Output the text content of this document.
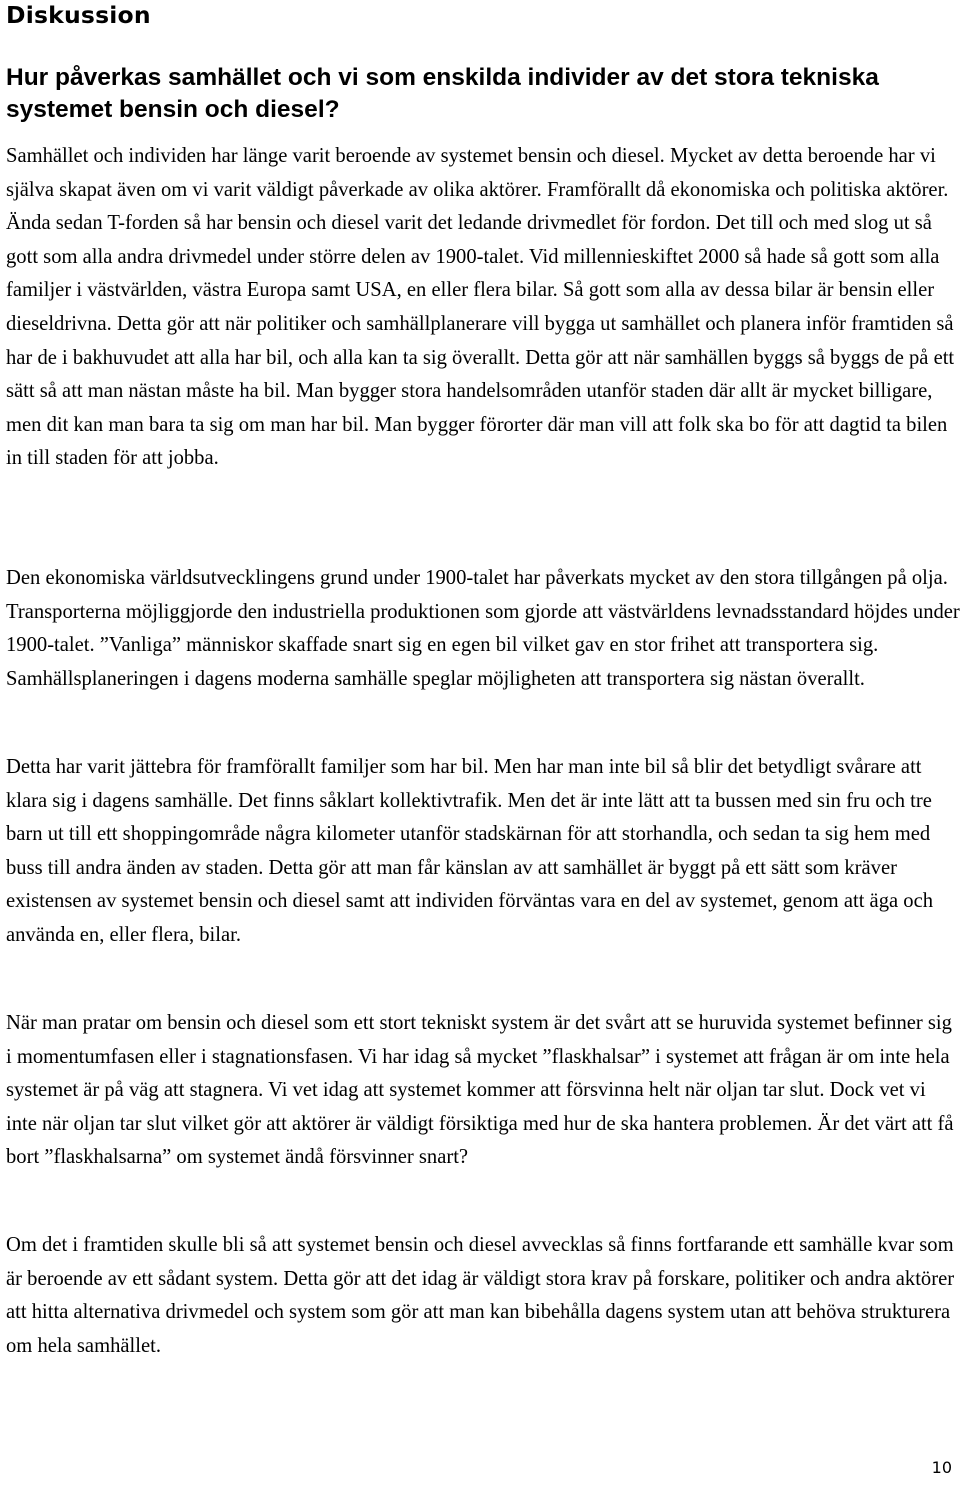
Diskussion
Hur påverkas samhället och vi som enskilda individer av det stora tekniska systemet bensin och diesel?

Samhället och individen har länge varit beroende av systemet bensin och diesel. Mycket av detta beroende har vi själva skapat även om vi varit väldigt påverkade av olika aktörer. Framförallt då ekonomiska och politiska aktörer. Ända sedan T-forden så har bensin och diesel varit det ledande drivmedlet för fordon. Det till och med slog ut så gott som alla andra drivmedel under större delen av 1900-talet. Vid millennieskiftet 2000 så hade så gott som alla familjer i västvärlden, västra Europa samt USA, en eller flera bilar. Så gott som alla av dessa bilar är bensin eller dieseldrivna. Detta gör att när politiker och samhällplanerare vill bygga ut samhället och planera inför framtiden så har de i bakhuvudet att alla har bil, och alla kan ta sig överallt. Detta gör att när samhällen byggs så byggs de på ett sätt så att man nästan måste ha bil. Man bygger stora handelsområden utanför staden där allt är mycket billigare, men dit kan man bara ta sig om man har bil. Man bygger förorter där man vill att folk ska bo för att dagtid ta bilen in till staden för att jobba.

Den ekonomiska världsutvecklingens grund under 1900-talet har påverkats mycket av den stora tillgången på olja. Transporterna möjliggjorde den industriella produktionen som gjorde att västvärldens levnadsstandard höjdes under 1900-talet. ”Vanliga” människor skaffade snart sig en egen bil vilket gav en stor frihet att transportera sig. Samhällsplaneringen i dagens moderna samhälle speglar möjligheten att transportera sig nästan överallt.

Detta har varit jättebra för framförallt familjer som har bil. Men har man inte bil så blir det betydligt svårare att klara sig i dagens samhälle. Det finns såklart kollektivtrafik. Men det är inte lätt att ta bussen med sin fru och tre barn ut till ett shoppingområde några kilometer utanför stadskärnan för att storhandla, och sedan ta sig hem med buss till andra änden av staden. Detta gör att man får känslan av att samhället är byggt på ett sätt som kräver existensen av systemet bensin och diesel samt att individen förväntas vara en del av systemet, genom att äga och använda en, eller flera, bilar.

När man pratar om bensin och diesel som ett stort tekniskt system är det svårt att se huruvida systemet befinner sig i momentumfasen eller i stagnationsfasen. Vi har idag så mycket ”flaskhalsar” i systemet att frågan är om inte hela systemet är på väg att stagnera. Vi vet idag att systemet kommer att försvinna helt när oljan tar slut. Dock vet vi inte när oljan tar slut vilket gör att aktörer är väldigt försiktiga med hur de ska hantera problemen. Är det värt att få bort ”flaskhalsarna” om systemet ändå försvinner snart?

Om det i framtiden skulle bli så att systemet bensin och diesel avvecklas så finns fortfarande ett samhälle kvar som är beroende av ett sådant system. Detta gör att det idag är väldigt stora krav på forskare, politiker och andra aktörer att hitta alternativa drivmedel och system som gör att man kan bibehålla dagens system utan att behöva strukturera om hela samhället.

10
